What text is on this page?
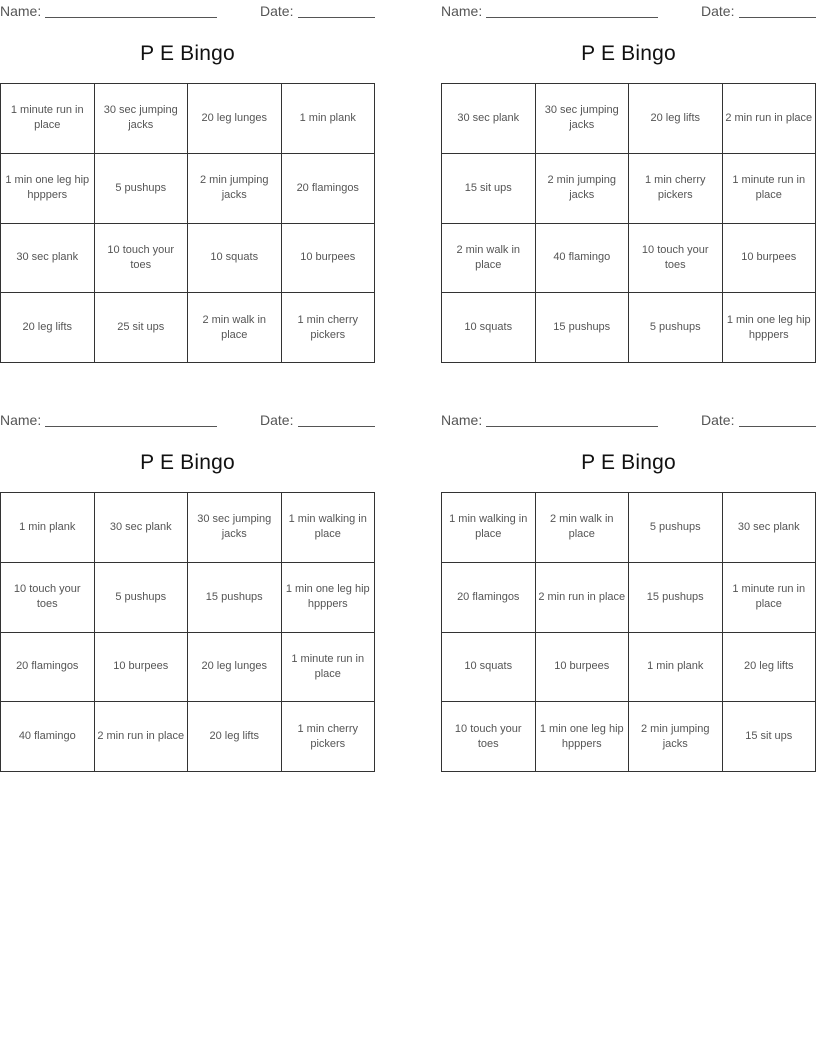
Name:	Date:
P E Bingo
1 minute run in place	30 sec jumping jacks	20 leg lunges	1 min plank
1 min one leg hip hpppers	5 pushups	2 min jumping jacks	20 flamingos
30 sec plank	10 touch your toes	10 squats	10 burpees
20 leg lifts	25 sit ups	2 min walk in place	1 min cherry pickers
Name:	Date:
P E Bingo
30 sec plank	30 sec jumping jacks	20 leg lifts	2 min run in place
15 sit ups	2 min jumping jacks	1 min cherry pickers	1 minute run in place
2 min walk in place	40 flamingo	10 touch your toes	10 burpees
10 squats	15 pushups	5 pushups	1 min one leg hip hpppers
Name:	Date:
P E Bingo
1 min plank	30 sec plank	30 sec jumping jacks	1 min walking in place
10 touch your toes	5 pushups	15 pushups	1 min one leg hip hpppers
20 flamingos	10 burpees	20 leg lunges	1 minute run in place
40 flamingo	2 min run in place	20 leg lifts	1 min cherry pickers
Name:	Date:
P E Bingo
1 min walking in place	2 min walk in place	5 pushups	30 sec plank
20 flamingos	2 min run in place	15 pushups	1 minute run in place
10 squats	10 burpees	1 min plank	20 leg lifts
10 touch your toes	1 min one leg hip hpppers	2 min jumping jacks	15 sit ups
